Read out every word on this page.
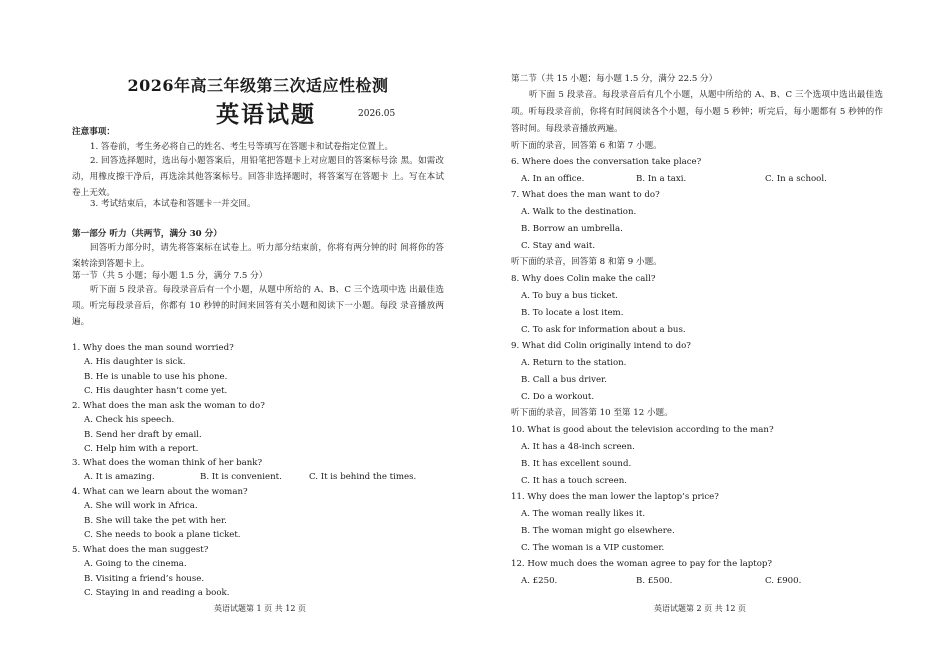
2026年高三年级第三次适应性检测
英语试题	2026.05
注意事项：
1. 答卷前，考生务必将自己的姓名、考生号等填写在答题卡和试卷指定位置上。
2. 回答选择题时，选出每小题答案后，用铅笔把答题卡上对应题目的答案标号涂 黑。如需改动，用橡皮擦干净后，再选涂其他答案标号。回答非选择题时，将答案写在答题卡 上。写在本试卷上无效。
3. 考试结束后，本试卷和答题卡一并交回。
第一部分 听力（共两节，满分 30 分）
回答听力部分时，请先将答案标在试卷上。听力部分结束前，你将有两分钟的时 间将你的答案转涂到答题卡上。
第一节（共 5 小题；每小题 1.5 分，满分 7.5 分）
听下面 5 段录音。每段录音后有一个小题，从题中所给的 A、B、C 三个选项中选 出最佳选项。听完每段录音后，你都有 10 秒钟的时间来回答有关小题和阅读下一小题。每段 录音播放两遍。
1. Why does the man sound worried?
A. His daughter is sick.
B. He is unable to use his phone.
C. His daughter hasn’t come yet.
2. What does the man ask the woman to do?
A. Check his speech.
B. Send her draft by email.
C. Help him with a report.
3. What does the woman think of her bank?
A. It is amazing.	B. It is convenient.	C. It is behind the times.
4. What can we learn about the woman?
A. She will work in Africa.
B. She will take the pet with her.
C. She needs to book a plane ticket.
5. What does the man suggest?
A. Going to the cinema.
B. Visiting a friend’s house.
C. Staying in and reading a book.
第二节（共 15 小题；每小题 1.5 分，满分 22.5 分）
听下面 5 段录音。每段录音后有几个小题，从题中所给的 A、B、C 三个选项中选出最佳选项。听每段录音前，你将有时间阅读各个小题，每小题 5 秒钟；听完后，每小题都有 5 秒钟的作答时间。每段录音播放两遍。
听下面的录音，回答第 6 和第 7 小题。
6. Where does the conversation take place?
A. In an office.	B. In a taxi.	C. In a school.
7. What does the man want to do?
A. Walk to the destination.
B. Borrow an umbrella.
C. Stay and wait.
听下面的录音，回答第 8 和第 9 小题。
8. Why does Colin make the call?
A. To buy a bus ticket.
B. To locate a lost item.
C. To ask for information about a bus.
9. What did Colin originally intend to do?
A. Return to the station.
B. Call a bus driver.
C. Do a workout.
听下面的录音，回答第 10 至第 12 小题。
10. What is good about the television according to the man?
A. It has a 48-inch screen.
B. It has excellent sound.
C. It has a touch screen.
11. Why does the man lower the laptop’s price?
A. The woman really likes it.
B. The woman might go elsewhere.
C. The woman is a VIP customer.
12. How much does the woman agree to pay for the laptop?
A. £250.	B. £500.	C. £900.
英语试题第 1 页 共 12 页	英语试题第 2 页 共 12 页
